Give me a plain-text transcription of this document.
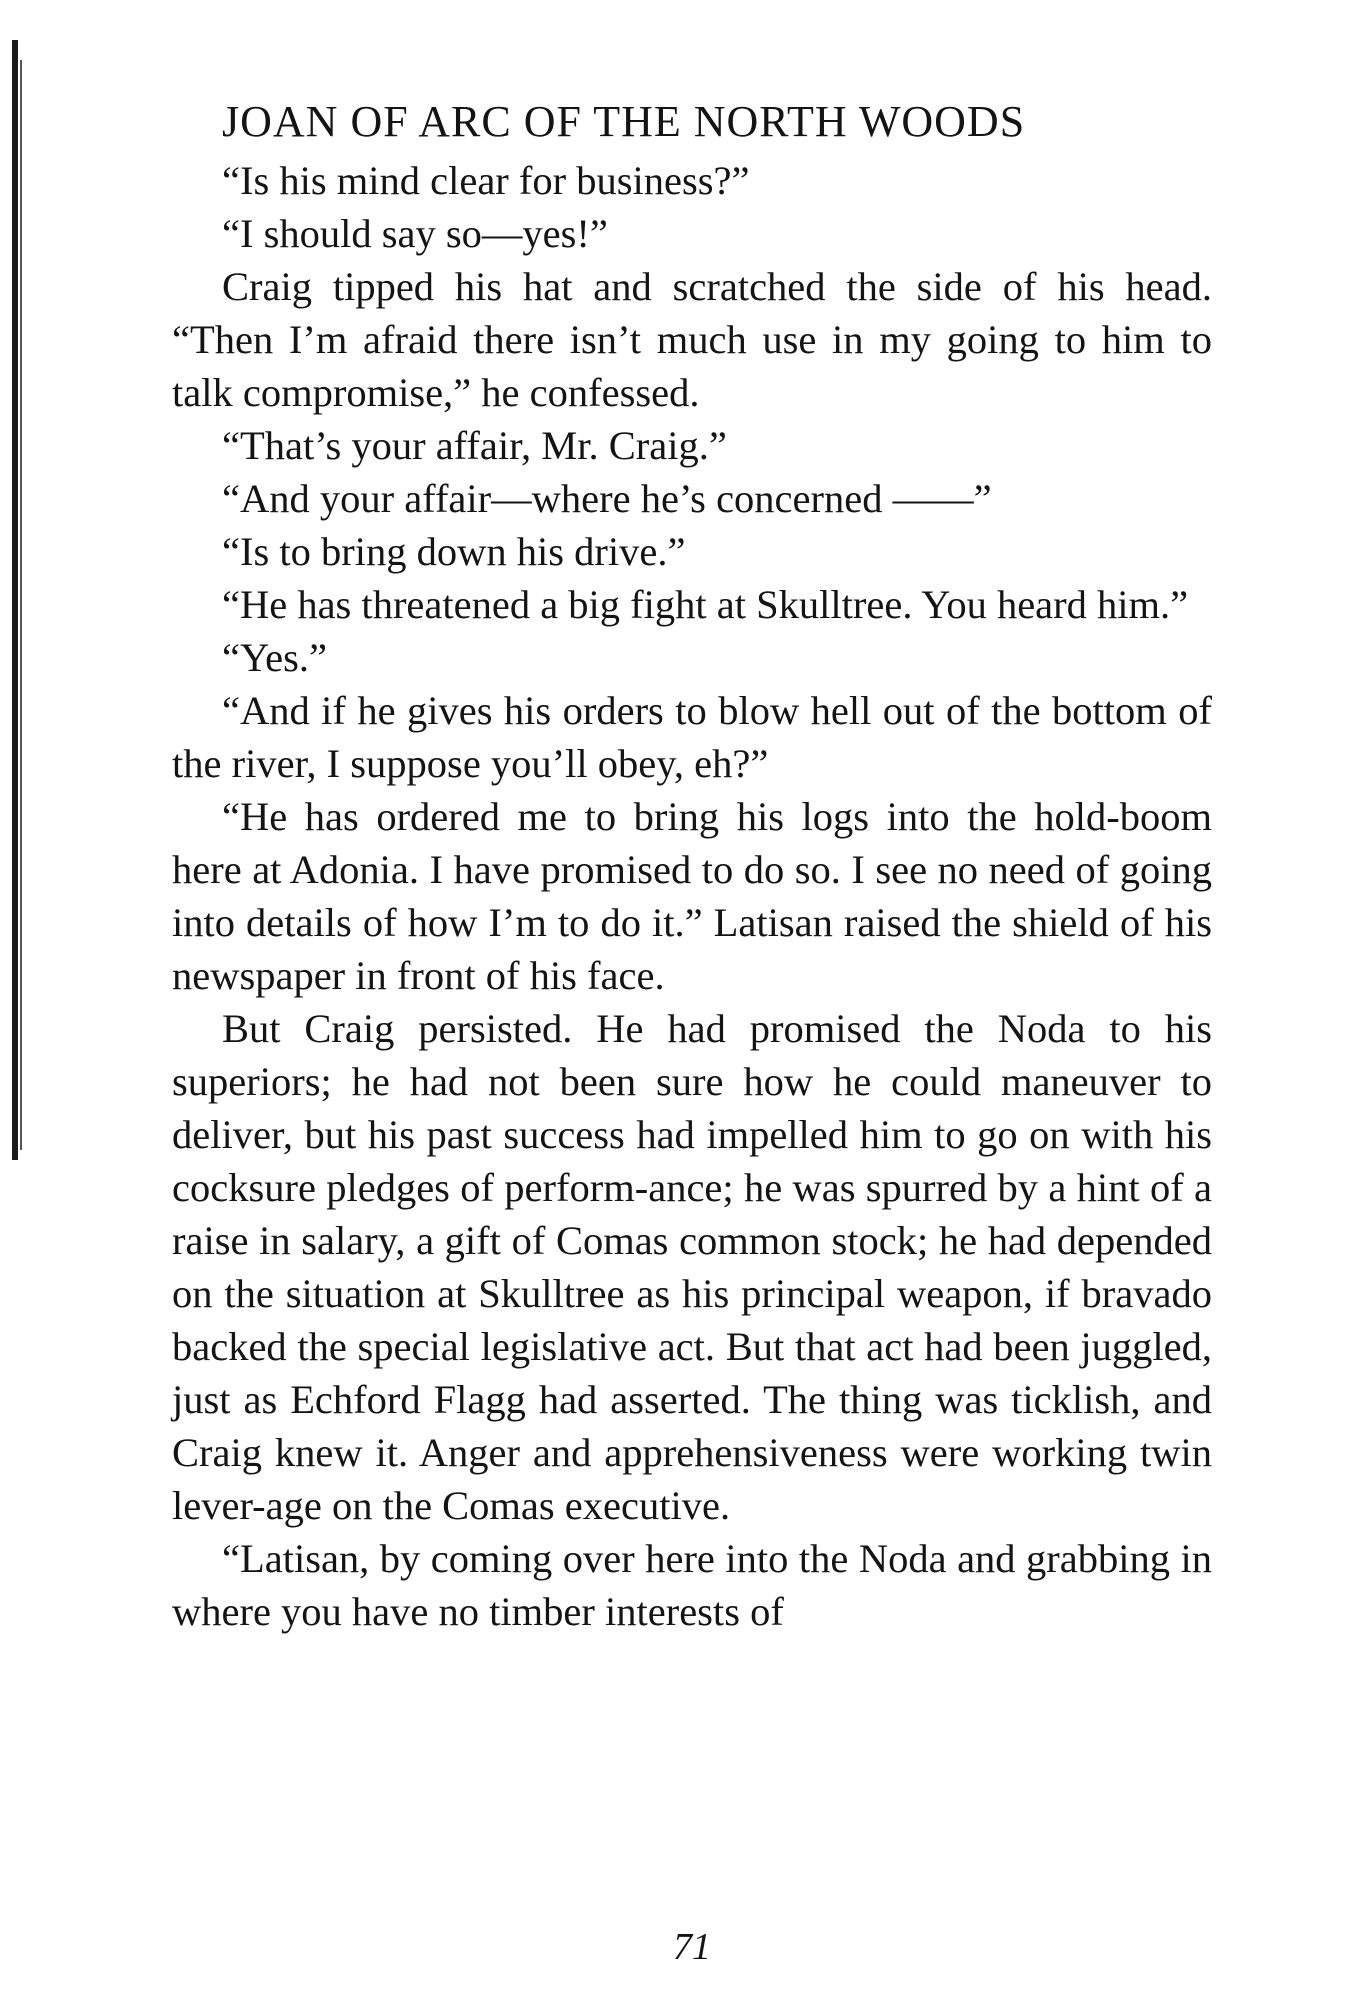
JOAN OF ARC OF THE NORTH WOODS

“Is his mind clear for business?”

“I should say so—yes!”

Craig tipped his hat and scratched the side of his head. “Then I’m afraid there isn’t much use in my going to him to talk compromise,” he confessed.

“That’s your affair, Mr. Craig.”

“And your affair—where he’s concerned ——”

“Is to bring down his drive.”

“He has threatened a big fight at Skulltree. You heard him.”

“Yes.”

“And if he gives his orders to blow hell out of the bottom of the river, I suppose you’ll obey, eh?”

“He has ordered me to bring his logs into the hold-boom here at Adonia. I have promised to do so. I see no need of going into details of how I’m to do it.” Latisan raised the shield of his newspaper in front of his face.

But Craig persisted. He had promised the Noda to his superiors; he had not been sure how he could maneuver to deliver, but his past success had impelled him to go on with his cocksure pledges of perform-ance; he was spurred by a hint of a raise in salary, a gift of Comas common stock; he had depended on the situation at Skulltree as his principal weapon, if bravado backed the special legislative act. But that act had been juggled, just as Echford Flagg had asserted. The thing was ticklish, and Craig knew it. Anger and apprehensiveness were working twin lever-age on the Comas executive.

“Latisan, by coming over here into the Noda and grabbing in where you have no timber interests of

71
